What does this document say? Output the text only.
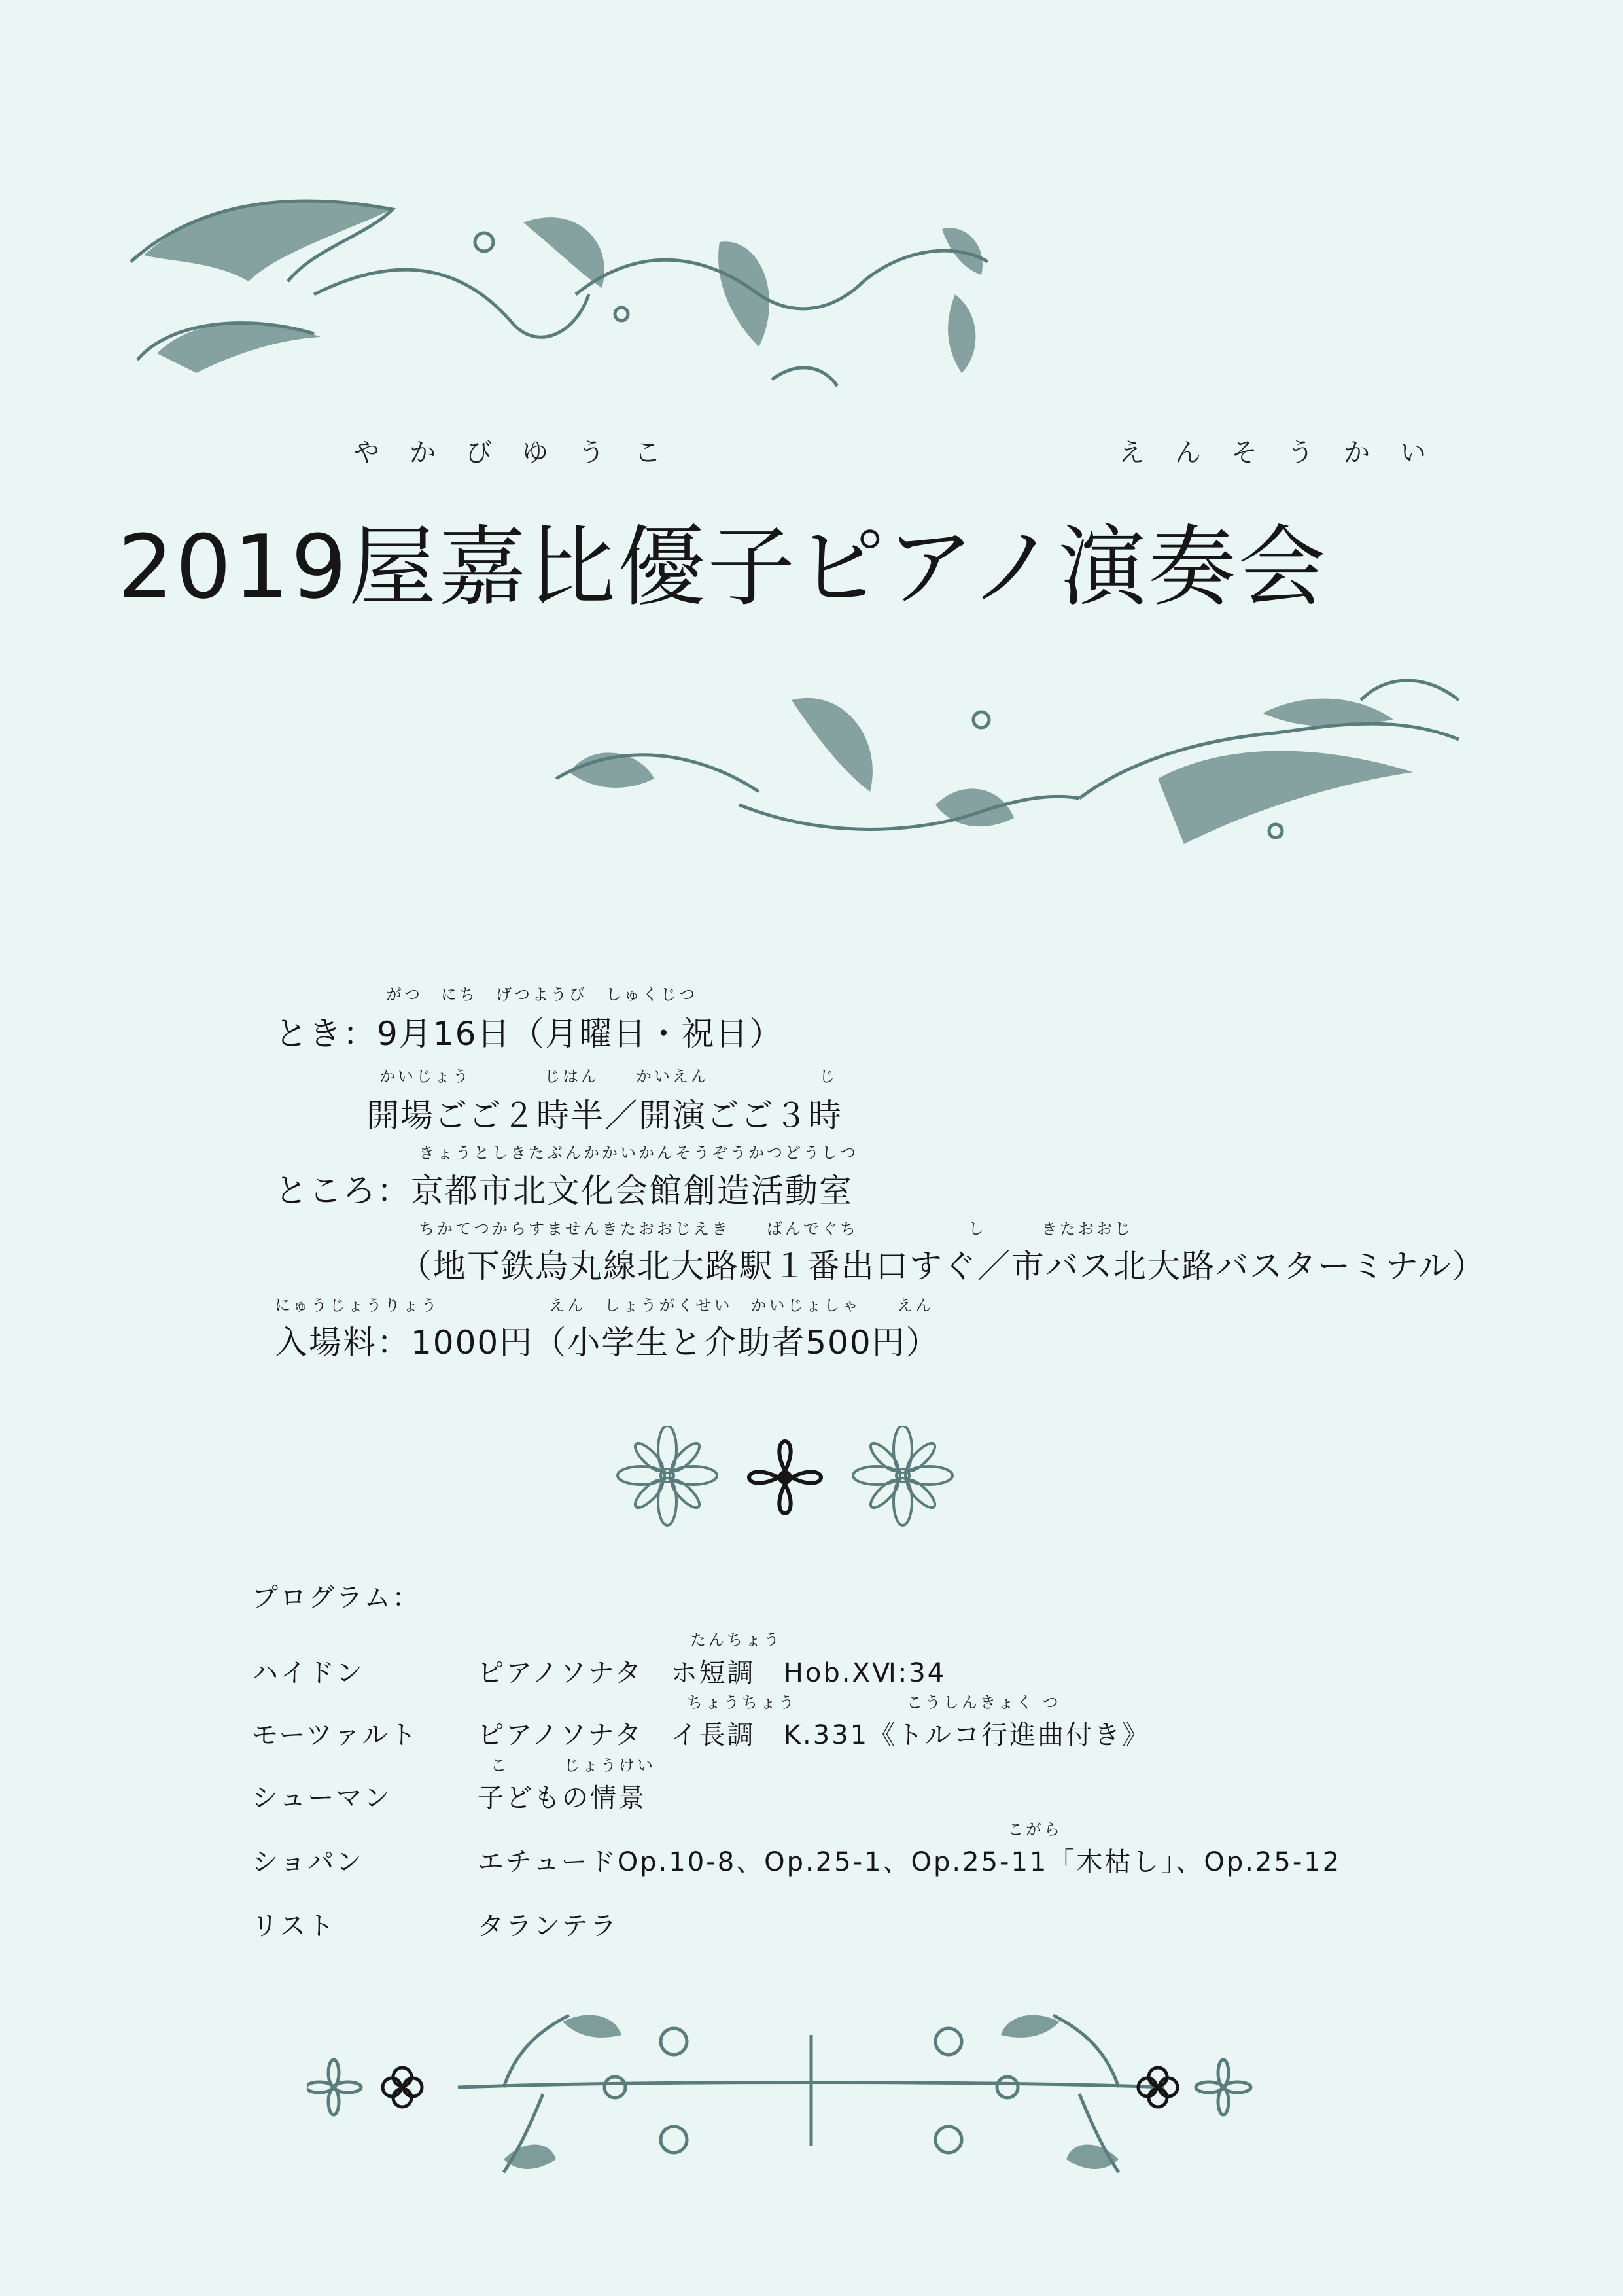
やかびゆうこ	えんそうかい
2019屋嘉比優子ピアノ演奏会
がつ　にち　げつようび　しゅくじつ
とき：9月16日（月曜日・祝日）
かいじょう　　　　じはん　　かいえん　　　　　　じ
開場ごご２時半／開演ごご３時
きょうとしきたぶんかかいかんそうぞうかつどうしつ
ところ：京都市北文化会館創造活動室
ちかてつからすませんきたおおじえき　　ばんでぐち　　　　　　し　　　きたおおじ
（地下鉄烏丸線北大路駅１番出口すぐ／市バス北大路バスターミナル）
にゅうじょうりょう　　　　　　えん　しょうがくせい　かいじょしゃ　　えん
入場料：1000円（小学生と介助者500円）
プログラム：
ハイドン
たんちょう
ピアノソナタ　ホ短調　Hob.ⅩⅥ:34
モーツァルト
ちょうちょう　　　　　　こうしんきょく つ
ピアノソナタ　イ長調　K.331《トルコ行進曲付き》
シューマン
こ　　　じょうけい
子どもの情景
ショパン
こがら
エチュードOp.10-8、Op.25-1、Op.25-11「木枯し」、Op.25-12
リスト	タランテラ
